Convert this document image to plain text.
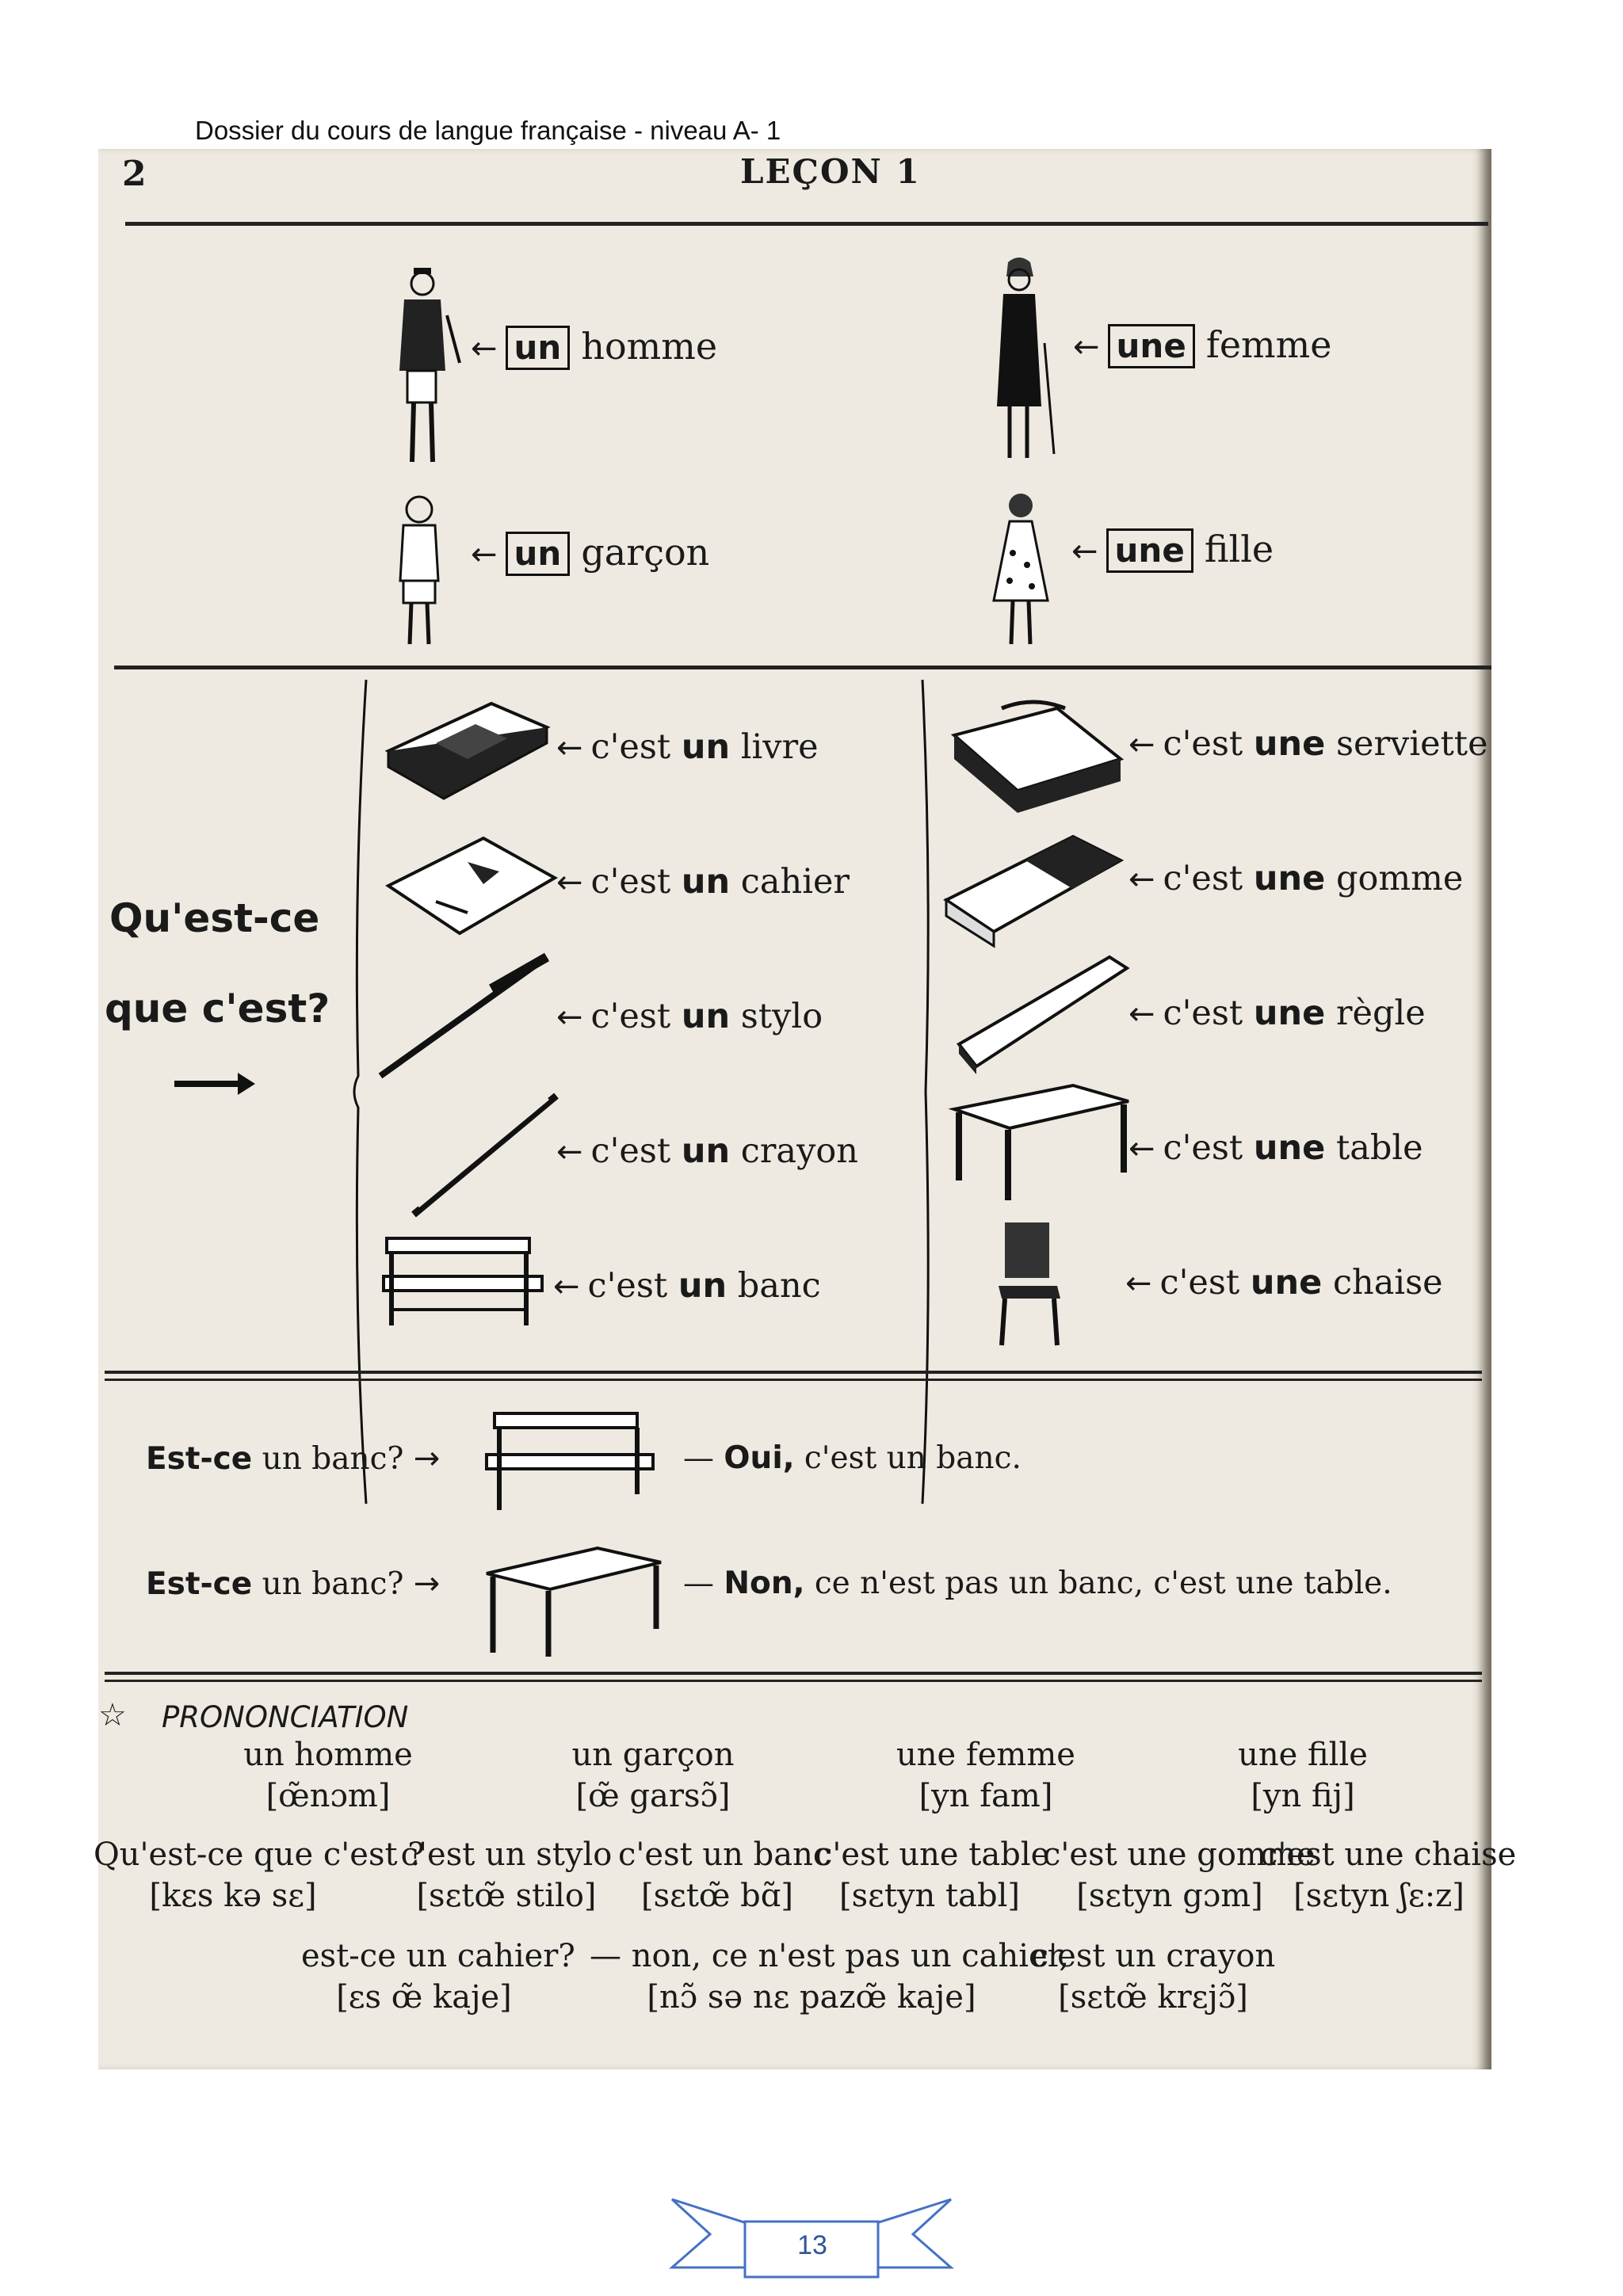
Dossier du cours de langue française - niveau A- 1
2	LEÇON 1
← un homme	← une femme
← un garçon	← une fille
Qu'est-ce
que c'est?
← c'est un livre
← c'est un cahier
← c'est un stylo
← c'est un crayon
← c'est un banc
← c'est une serviette
← c'est une gomme
← c'est une règle
← c'est une table
← c'est une chaise
Est-ce un banc? →	— Oui, c'est un banc.
Est-ce un banc? →	— Non, ce n'est pas un banc, c'est une table.
☆ PRONONCIATION
un homme
[œ̃nɔm]
un garçon
[œ̃ garsɔ̃]
une femme
[yn fam]
une fille
[yn fij]
Qu'est-ce que c'est ?
[kɛs kə sɛ]
c'est un stylo
[sɛtœ̃ stilo]
c'est un banc
[sɛtœ̃ bɑ̃]
c'est une table
[sɛtyn tabl]
c'est une gomme
[sɛtyn gɔm]
c'est une chaise
[sɛtyn ʃɛ:z]
est-ce un cahier?
[ɛs œ̃ kaje]
— non, ce n'est pas un cahier,
[nɔ̃ sə nɛ pazœ̃ kaje]
c'est un crayon
[sɛtœ̃ krɛjɔ̃]
13
